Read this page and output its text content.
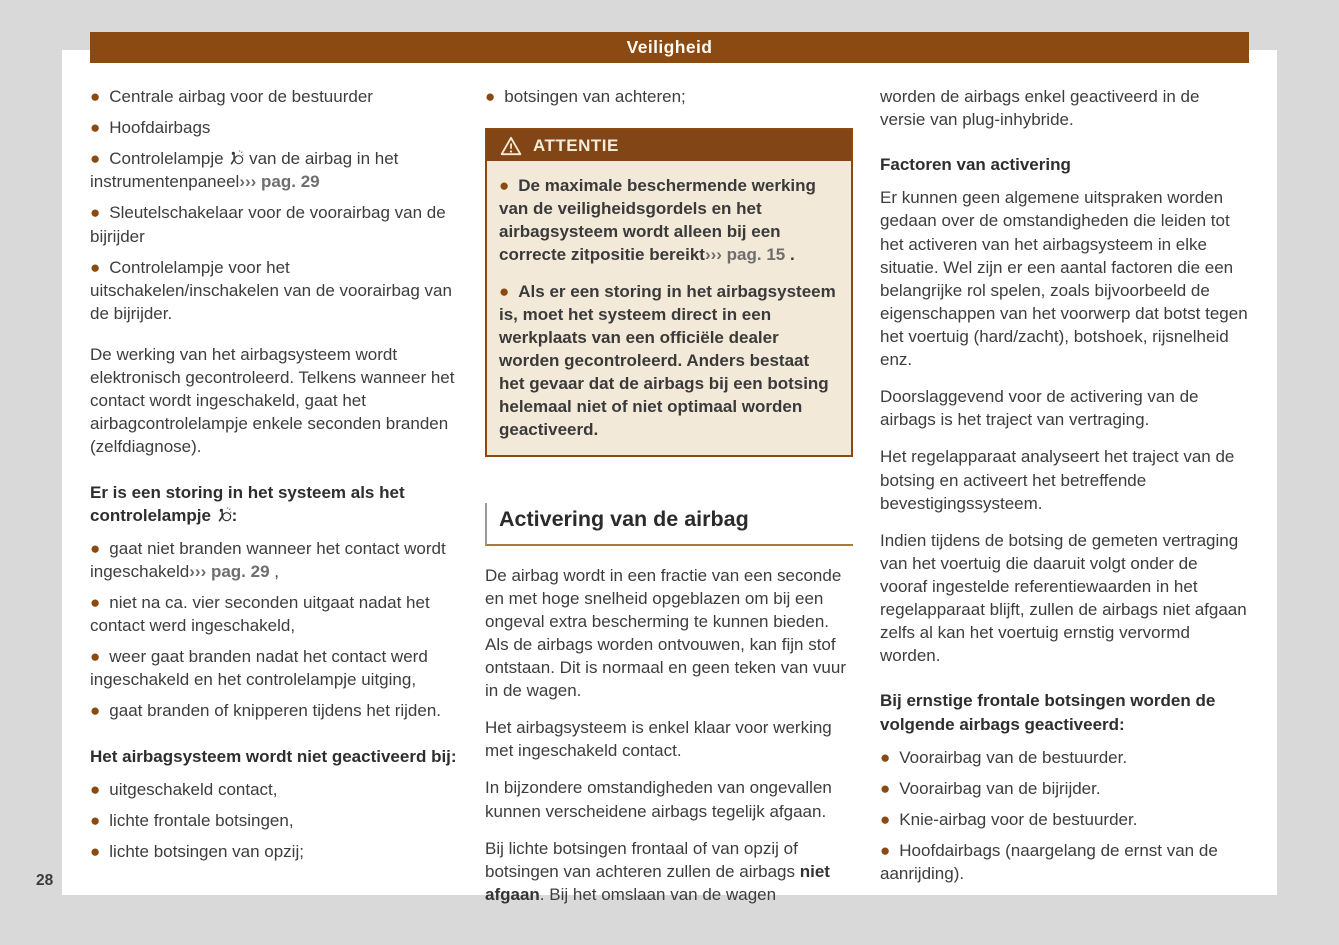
● Centrale airbag voor de bestuurder
● Hoofdairbags
● Controlelampje  van de airbag in het instrumentenpaneel››› pag. 29
● Sleutelschakelaar voor de voorairbag van de bijrijder
● Controlelampje voor het uitschakelen/inschakelen van de voorairbag van de bijrijder.

De werking van het airbagsysteem wordt elektronisch gecontroleerd. Telkens wanneer het contact wordt ingeschakeld, gaat het airbagcontrolelampje enkele seconden branden (zelfdiagnose).

Er is een storing in het systeem als het controlelampje :
● gaat niet branden wanneer het contact wordt ingeschakeld››› pag. 29 ,
● niet na ca. vier seconden uitgaat nadat het contact werd ingeschakeld,
● weer gaat branden nadat het contact werd ingeschakeld en het controlelampje uitging,
● gaat branden of knipperen tijdens het rijden.
Het airbagsysteem wordt niet geactiveerd bij:
● uitgeschakeld contact,
● lichte frontale botsingen,
● lichte botsingen van opzij;
● botsingen van achteren;
ATTENTIE
● De maximale beschermende werking van de veiligheidsgordels en het airbagsysteem wordt alleen bij een correcte zitpositie bereikt››› pag. 15 .
● Als er een storing in het airbagsysteem is, moet het systeem direct in een werkplaats van een officiële dealer worden gecontroleerd. Anders bestaat het gevaar dat de airbags bij een botsing helemaal niet of niet optimaal worden geactiveerd.
Activering van de airbag

De airbag wordt in een fractie van een seconde en met hoge snelheid opgeblazen om bij een ongeval extra bescherming te kunnen bieden. Als de airbags worden ontvouwen, kan fijn stof ontstaan. Dit is normaal en geen teken van vuur in de wagen.

Het airbagsysteem is enkel klaar voor werking met ingeschakeld contact.

In bijzondere omstandigheden van ongevallen kunnen verscheidene airbags tegelijk afgaan.

Bij lichte botsingen frontaal of van opzij of botsingen van achteren zullen de airbags niet afgaan. Bij het omslaan van de wagen

worden de airbags enkel geactiveerd in de versie van plug-inhybride.

Factoren van activering

Er kunnen geen algemene uitspraken worden gedaan over de omstandigheden die leiden tot het activeren van het airbagsysteem in elke situatie. Wel zijn er een aantal factoren die een belangrijke rol spelen, zoals bijvoorbeeld de eigenschappen van het voorwerp dat botst tegen het voertuig (hard/zacht), botshoek, rijsnelheid enz.

Doorslaggevend voor de activering van de airbags is het traject van vertraging.

Het regelapparaat analyseert het traject van de botsing en activeert het betreffende bevestigingssysteem.

Indien tijdens de botsing de gemeten vertraging van het voertuig die daaruit volgt onder de vooraf ingestelde referentiewaarden in het regelapparaat blijft, zullen de airbags niet afgaan zelfs al kan het voertuig ernstig vervormd worden.

Bij ernstige frontale botsingen worden de volgende airbags geactiveerd:
● Voorairbag van de bestuurder.
● Voorairbag van de bijrijder.
● Knie-airbag voor de bestuurder.
● Hoofdairbags (naargelang de ernst van de aanrijding).
Veiligheid
28
